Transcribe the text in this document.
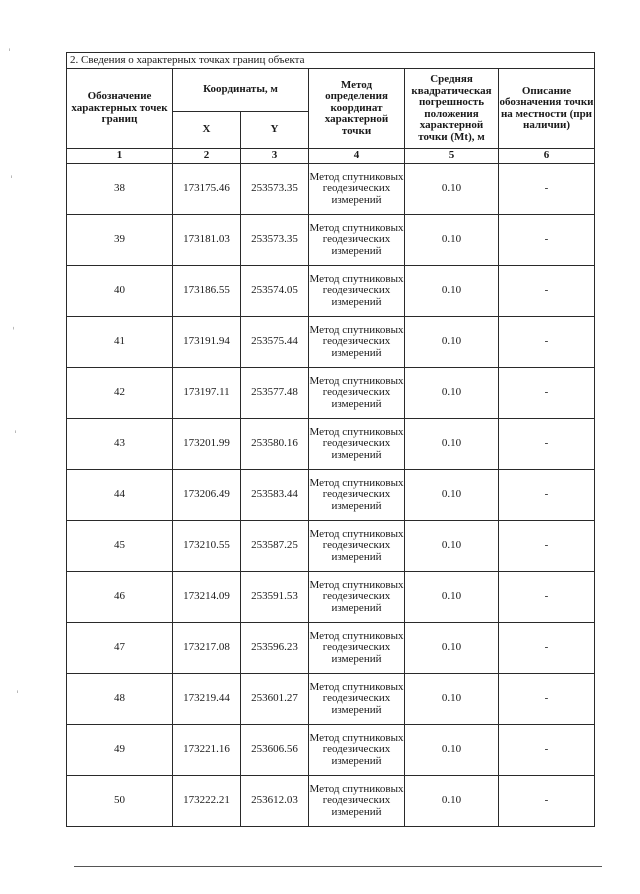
2. Сведения о характерных точках границ объекта					
Обозначение характерных точек границ	Координаты, м		Метод определения координат характерной точки	Средняя квадратическая погрешность положения характерной точки (Mt), м	Описание обозначения точки на местности (при наличии)
	X	Y			
1	2	3	4	5	6
38	173175.46	253573.35	Метод спутниковых геодезических измерений	0.10	-
39	173181.03	253573.35	Метод спутниковых геодезических измерений	0.10	-
40	173186.55	253574.05	Метод спутниковых геодезических измерений	0.10	-
41	173191.94	253575.44	Метод спутниковых геодезических измерений	0.10	-
42	173197.11	253577.48	Метод спутниковых геодезических измерений	0.10	-
43	173201.99	253580.16	Метод спутниковых геодезических измерений	0.10	-
44	173206.49	253583.44	Метод спутниковых геодезических измерений	0.10	-
45	173210.55	253587.25	Метод спутниковых геодезических измерений	0.10	-
46	173214.09	253591.53	Метод спутниковых геодезических измерений	0.10	-
47	173217.08	253596.23	Метод спутниковых геодезических измерений	0.10	-
48	173219.44	253601.27	Метод спутниковых геодезических измерений	0.10	-
49	173221.16	253606.56	Метод спутниковых геодезических измерений	0.10	-
50	173222.21	253612.03	Метод спутниковых геодезических измерений	0.10	-
ˈ
ˈ
ˌ
ˈ
ˈ
